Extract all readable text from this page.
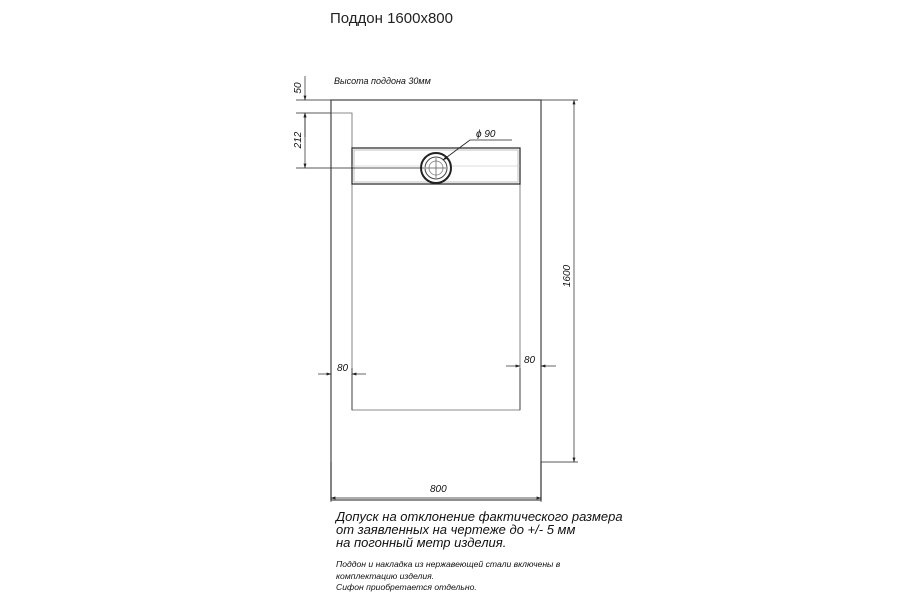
Поддон 1600x800
Высота поддона 30мм
ϕ 90
50
212
1600
80
80
800
Допуск на отклонение фактического размера
от заявленных на чертеже до +/- 5 мм
на погонный метр изделия.
Поддон и накладка из нержавеющей стали включены в
комплектацию изделия.
Сифон приобретается отдельно.
